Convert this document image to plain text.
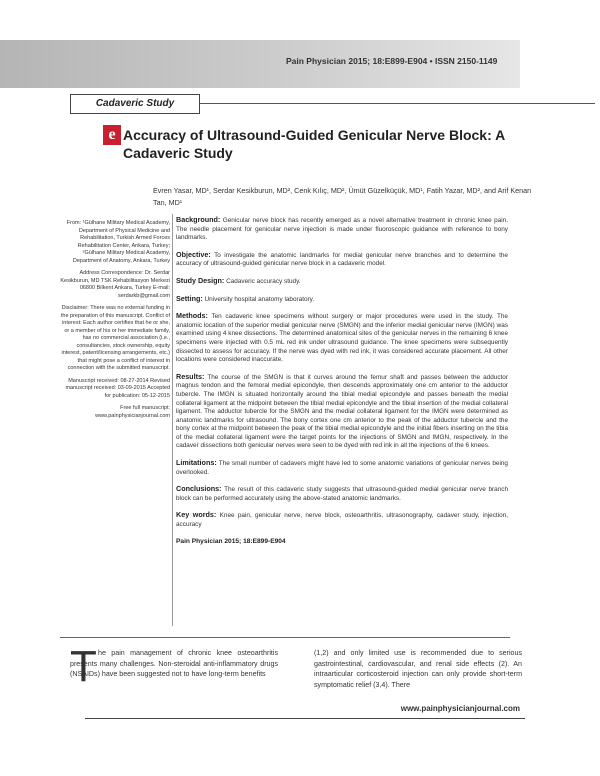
Pain Physician 2015; 18:E899-E904 • ISSN 2150-1149
Cadaveric Study
e Accuracy of Ultrasound-Guided Genicular Nerve Block: A Cadaveric Study
Evren Yasar, MD¹, Serdar Kesikburun, MD², Cenk Kılıç, MD², Ümüt Güzelküçük, MD¹, Fatih Yazar, MD², and Arif Kenan Tan, MD¹

From: ¹Gülhane Military Medical Academy, Department of Physical Medicine and Rehabilitation, Turkish Armed Forces Rehabilitation Center, Ankara, Turkey; ²Gülhane Military Medical Academy, Department of Anatomy, Ankara, Turkey

Address Correspondence: Dr. Serdar Kesikburun, MD TSK Rehabilitasyon Merkezi 06800 Bilkent Ankara, Turkey E-mail: serdarkb@gmail.com

Disclaimer: There was no external funding in the preparation of this manuscript. Conflict of interest: Each author certifies that he or she, or a member of his or her immediate family, has no commercial association (i.e., consultancies, stock ownership, equity interest, patent/licensing arrangements, etc.) that might pose a conflict of interest in connection with the submitted manuscript.

Manuscript received: 08-27-2014 Revised manuscript received: 03-09-2015 Accepted for publication: 05-12-2015

Free full manuscript: www.painphysicianjournal.com

Background: Genicular nerve block has recently emerged as a novel alternative treatment in chronic knee pain. The needle placement for genicular nerve injection is made under fluoroscopic guidance with reference to bony landmarks.

Objective: To investigate the anatomic landmarks for medial genicular nerve branches and to determine the accuracy of ultrasound-guided genicular nerve block in a cadaveric model.

Study Design: Cadaveric accuracy study.

Setting: University hospital anatomy laboratory.

Methods: Ten cadaveric knee specimens without surgery or major procedures were used in the study. The anatomic location of the superior medial genicular nerve (SMGN) and the inferior medial genicular nerve (IMGN) was examined using 4 knee dissections. The determined anatomical sites of the genicular nerves in the remaining 6 knee specimens were injected with 0.5 mL red ink under ultrasound guidance. The knee specimens were subsequently dissected to assess for accuracy. If the nerve was dyed with red ink, it was considered accurate placement. All other locations were considered inaccurate.

Results: The course of the SMGN is that it curves around the femur shaft and passes between the adductor magnus tendon and the femoral medial epicondyle, then descends approximately one cm anterior to the adductor tubercle. The IMGN is situated horizontally around the tibial medial epicondyle and passes beneath the medial collateral ligament at the midpoint between the tibial medial epicondyle and the tibial insertion of the medial collateral ligament. The adductor tubercle for the SMGN and the medial collateral ligament for the IMGN were determined as anatomic landmarks for ultrasound. The bony cortex one cm anterior to the peak of the adductor tubercle and the bony cortex at the midpoint between the peak of the tibial medial epicondyle and the initial fibers inserting on the tibia of the medial collateral ligament were the target points for the injections of SMGN and IMGN, respectively. In the cadaver dissections both genicular nerves were seen to be dyed with red ink in all the injections of the 6 knees.

Limitations: The small number of cadavers might have led to some anatomic variations of genicular nerves being overlooked.

Conclusions: The result of this cadaveric study suggests that ultrasound-guided medial genicular nerve branch block can be performed accurately using the above-stated anatomic landmarks.

Key words: Knee pain, genicular nerve, nerve block, osteoarthritis, ultrasonography, cadaver study, injection, accuracy

Pain Physician 2015; 18:E899-E904

T he pain management of chronic knee osteoarthritis presents many challenges. Non-steroidal anti-inflammatory drugs (NSAIDs) have been suggested not to have long-term benefits
(1,2) and only limited use is recommended due to serious gastrointestinal, cardiovascular, and renal side effects (2). An intraarticular corticosteroid injection can only provide short-term symptomatic relief (3,4). There
www.painphysicianjournal.com
